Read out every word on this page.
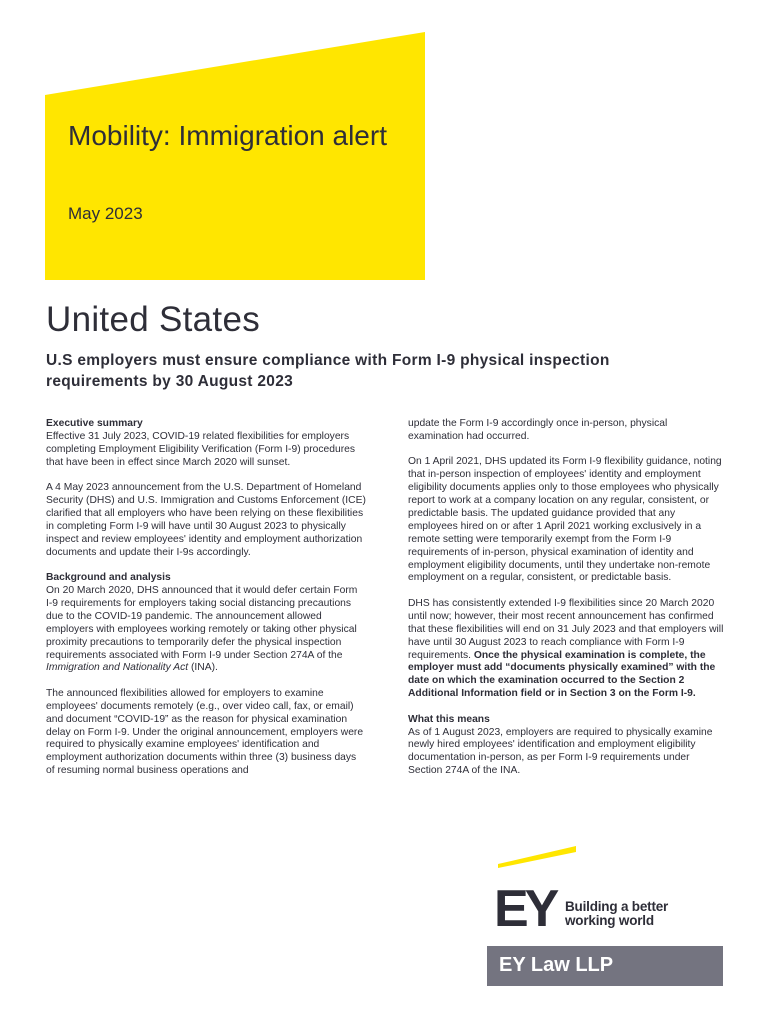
Mobility: Immigration alert
May 2023
United States
U.S employers must ensure compliance with Form I-9 physical inspection requirements by 30 August 2023
Executive summary

Effective 31 July 2023, COVID-19 related flexibilities for employers completing Employment Eligibility Verification (Form I-9) procedures that have been in effect since March 2020 will sunset.

A 4 May 2023 announcement from the U.S. Department of Homeland Security (DHS) and U.S. Immigration and Customs Enforcement (ICE) clarified that all employers who have been relying on these flexibilities in completing Form I-9 will have until 30 August 2023 to physically inspect and review employees' identity and employment authorization documents and update their I-9s accordingly.

Background and analysis

On 20 March 2020, DHS announced that it would defer certain Form I-9 requirements for employers taking social distancing precautions due to the COVID-19 pandemic. The announcement allowed employers with employees working remotely or taking other physical proximity precautions to temporarily defer the physical inspection requirements associated with Form I-9 under Section 274A of the Immigration and Nationality Act (INA).

The announced flexibilities allowed for employers to examine employees' documents remotely (e.g., over video call, fax, or email) and document “COVID-19” as the reason for physical examination delay on Form I-9. Under the original announcement, employers were required to physically examine employees' identification and employment authorization documents within three (3) business days of resuming normal business operations and

update the Form I-9 accordingly once in-person, physical examination had occurred.

On 1 April 2021, DHS updated its Form I-9 flexibility guidance, noting that in-person inspection of employees' identity and employment eligibility documents applies only to those employees who physically report to work at a company location on any regular, consistent, or predictable basis. The updated guidance provided that any employees hired on or after 1 April 2021 working exclusively in a remote setting were temporarily exempt from the Form I-9 requirements of in-person, physical examination of identity and employment eligibility documents, until they undertake non-remote employment on a regular, consistent, or predictable basis.

DHS has consistently extended I-9 flexibilities since 20 March 2020 until now; however, their most recent announcement has confirmed that these flexibilities will end on 31 July 2023 and that employers will have until 30 August 2023 to reach compliance with Form I-9 requirements. Once the physical examination is complete, the employer must add “documents physically examined” with the date on which the examination occurred to the Section 2 Additional Information field or in Section 3 on the Form I-9.

What this means

As of 1 August 2023, employers are required to physically examine newly hired employees' identification and employment eligibility documentation in-person, as per Form I-9 requirements under Section 274A of the INA.

EY Building a better
working world
EY Law LLP
